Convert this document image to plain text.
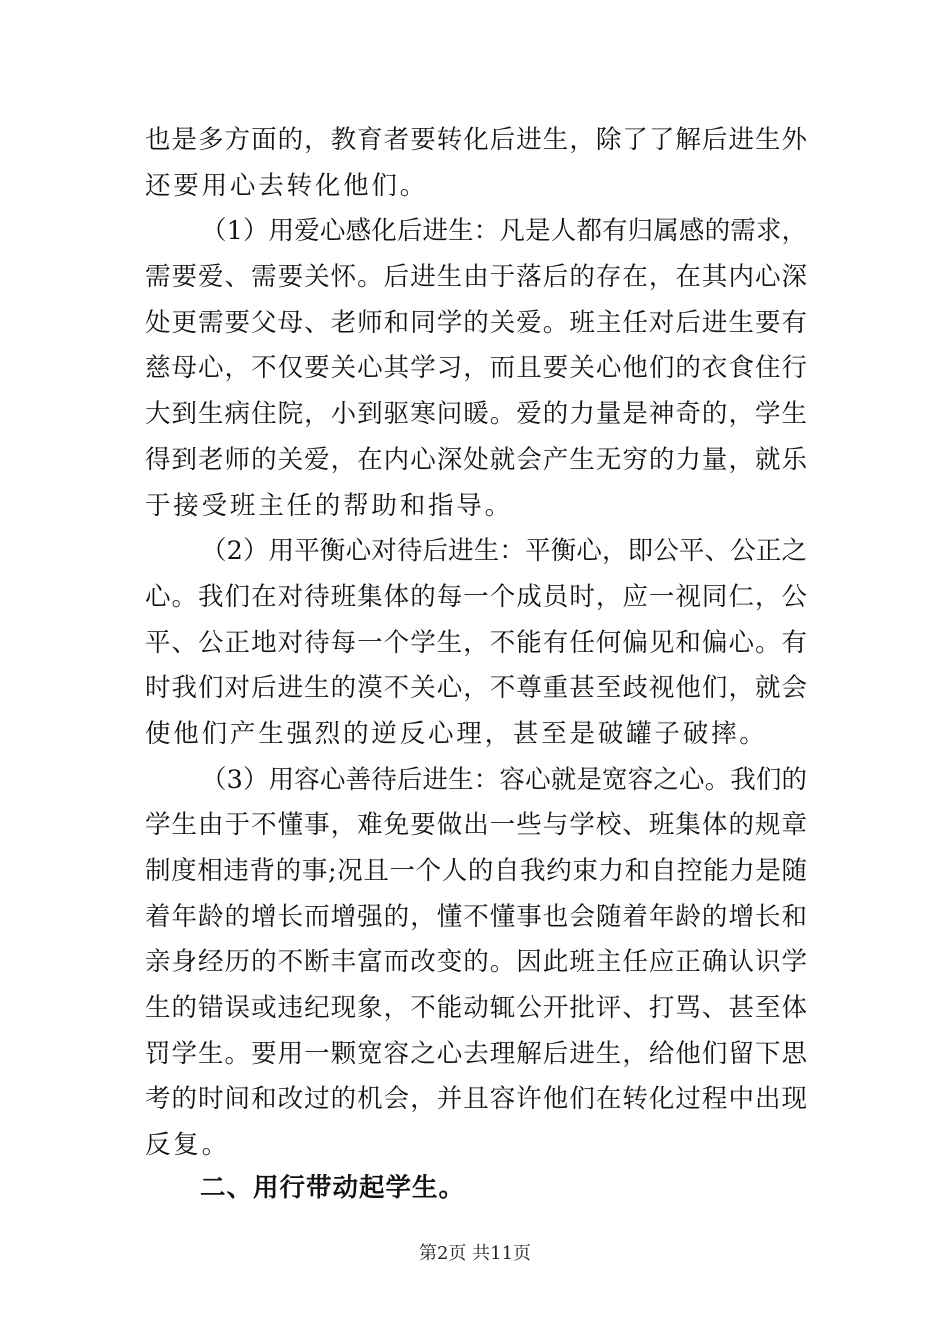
也是多方面的，教育者要转化后进生，除了了解后进生外
还要用心去转化他们。
（1）用爱心感化后进生：凡是人都有归属感的需求，
需要爱、需要关怀。后进生由于落后的存在，在其内心深
处更需要父母、老师和同学的关爱。班主任对后进生要有
慈母心，不仅要关心其学习，而且要关心他们的衣食住行
大到生病住院，小到驱寒问暖。爱的力量是神奇的，学生
得到老师的关爱，在内心深处就会产生无穷的力量，就乐
于接受班主任的帮助和指导。
（2）用平衡心对待后进生：平衡心，即公平、公正之
心。我们在对待班集体的每一个成员时，应一视同仁，公
平、公正地对待每一个学生，不能有任何偏见和偏心。有
时我们对后进生的漠不关心，不尊重甚至歧视他们，就会
使他们产生强烈的逆反心理，甚至是破罐子破摔。
（3）用容心善待后进生：容心就是宽容之心。我们的
学生由于不懂事，难免要做出一些与学校、班集体的规章
制度相违背的事;况且一个人的自我约束力和自控能力是随
着年龄的增长而增强的，懂不懂事也会随着年龄的增长和
亲身经历的不断丰富而改变的。因此班主任应正确认识学
生的错误或违纪现象，不能动辄公开批评、打骂、甚至体
罚学生。要用一颗宽容之心去理解后进生，给他们留下思
考的时间和改过的机会，并且容许他们在转化过程中出现
反复。
二、用行带动起学生。
第2页 共11页
